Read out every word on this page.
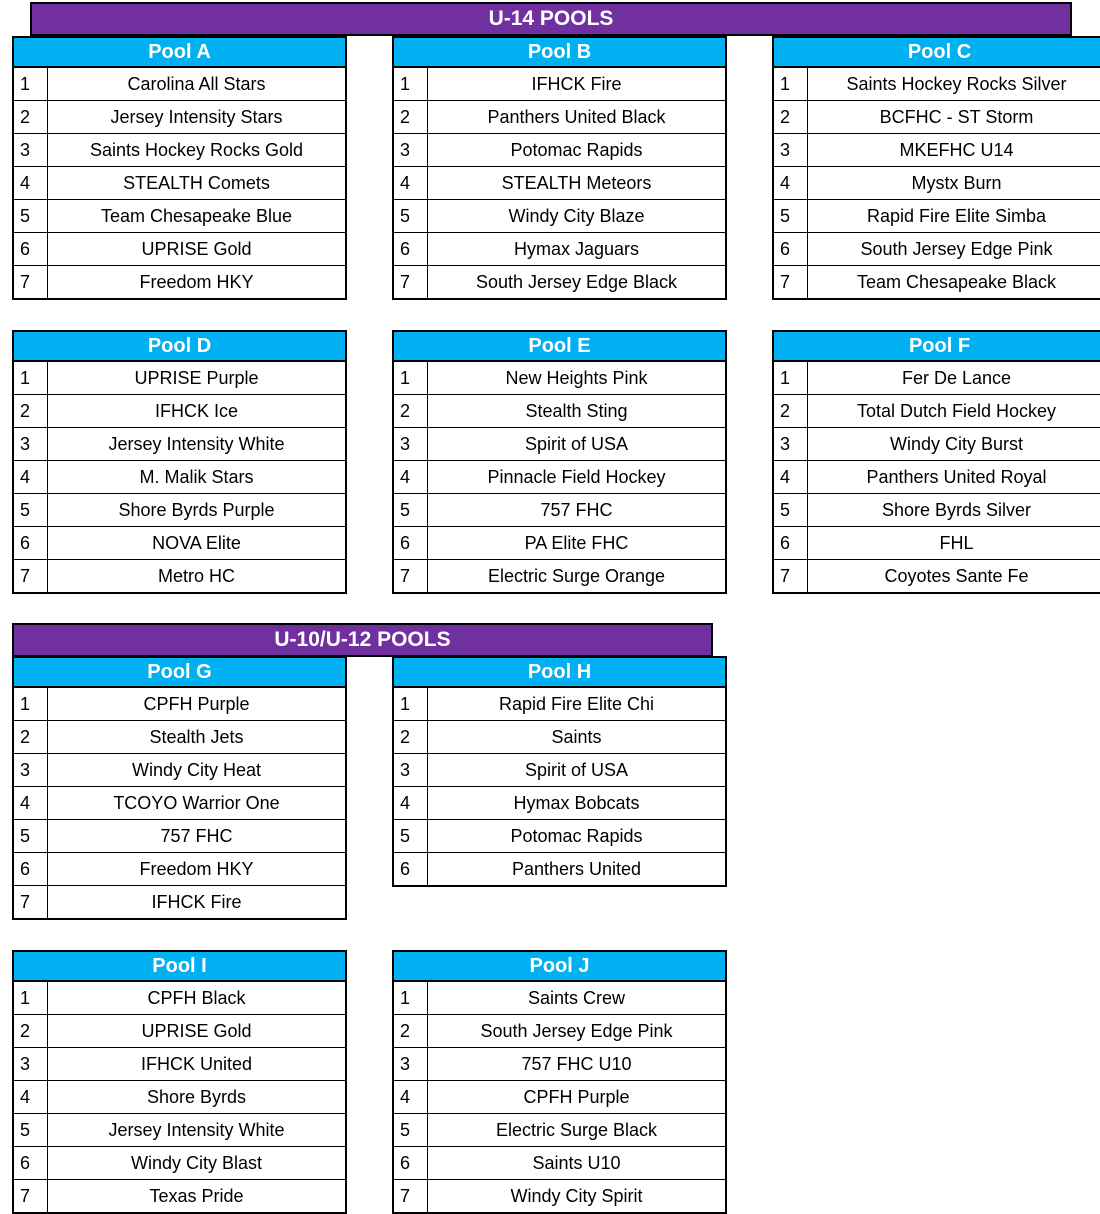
U-14 POOLS
Pool A
1	Carolina All Stars
2	Jersey Intensity Stars
3	Saints Hockey Rocks Gold
4	STEALTH Comets
5	Team Chesapeake Blue
6	UPRISE Gold
7	Freedom HKY
Pool B
1	IFHCK Fire
2	Panthers United Black
3	Potomac Rapids
4	STEALTH Meteors
5	Windy City Blaze
6	Hymax Jaguars
7	South Jersey Edge Black
Pool C
1	Saints Hockey Rocks Silver
2	BCFHC - ST Storm
3	MKEFHC U14
4	Mystx Burn
5	Rapid Fire Elite Simba
6	South Jersey Edge Pink
7	Team Chesapeake Black
Pool D
1	UPRISE Purple
2	IFHCK Ice
3	Jersey Intensity White
4	M. Malik Stars
5	Shore Byrds Purple
6	NOVA Elite
7	Metro HC
Pool E
1	New Heights Pink
2	Stealth Sting
3	Spirit of USA
4	Pinnacle Field Hockey
5	757 FHC
6	PA Elite FHC
7	Electric Surge Orange
Pool F
1	Fer De Lance
2	Total Dutch Field Hockey
3	Windy City Burst
4	Panthers United Royal
5	Shore Byrds Silver
6	FHL
7	Coyotes Sante Fe
U-10/U-12 POOLS
Pool G
1	CPFH Purple
2	Stealth Jets
3	Windy City Heat
4	TCOYO Warrior One
5	757 FHC
6	Freedom HKY
7	IFHCK Fire
Pool H
1	Rapid Fire Elite Chi
2	Saints
3	Spirit of USA
4	Hymax Bobcats
5	Potomac Rapids
6	Panthers United
Pool I
1	CPFH Black
2	UPRISE Gold
3	IFHCK United
4	Shore Byrds
5	Jersey Intensity White
6	Windy City Blast
7	Texas Pride
Pool J
1	Saints Crew
2	South Jersey Edge Pink
3	757 FHC U10
4	CPFH Purple
5	Electric Surge Black
6	Saints U10
7	Windy City Spirit
